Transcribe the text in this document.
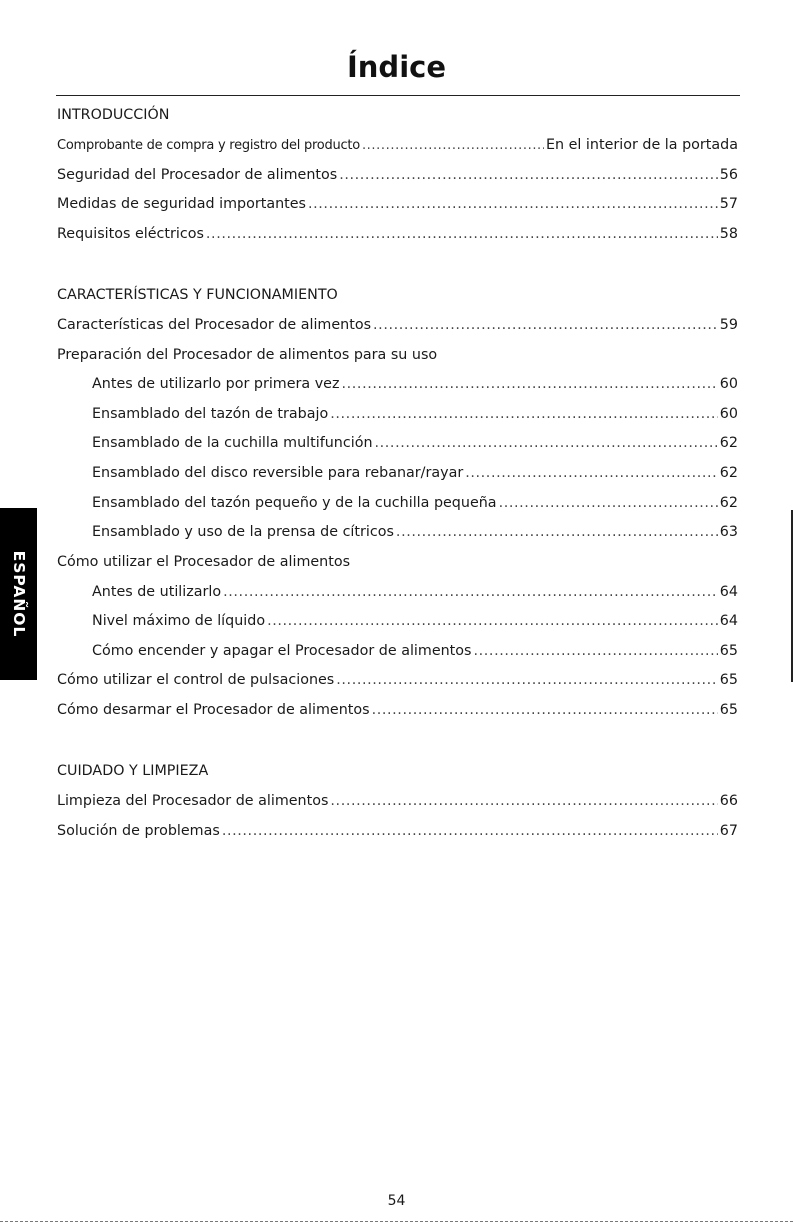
Índice
INTRODUCCIÓN
Comprobante de compra y registro del producto .....	En el interior de la portada
Seguridad del Procesador de alimentos .....	56
Medidas de seguridad importantes .....	57
Requisitos eléctricos .....	58
CARACTERÍSTICAS Y FUNCIONAMIENTO
Características del Procesador de alimentos .....	59
Preparación del Procesador de alimentos para su uso
Antes de utilizarlo por primera vez .....	60
Ensamblado del tazón de trabajo .....	60
Ensamblado de la cuchilla multifunción .....	62
Ensamblado del disco reversible para rebanar/rayar .....	62
Ensamblado del tazón pequeño y de la cuchilla pequeña .....	62
Ensamblado y uso de la prensa de cítricos .....	63
Cómo utilizar el Procesador de alimentos
Antes de utilizarlo .....	64
Nivel máximo de líquido .....	64
Cómo encender y apagar el Procesador de alimentos .....	65
Cómo utilizar el control de pulsaciones .....	65
Cómo desarmar el Procesador de alimentos .....	65
CUIDADO Y LIMPIEZA
Limpieza del Procesador de alimentos .....	66
Solución de problemas .....	67
ESPAÑOL
54
